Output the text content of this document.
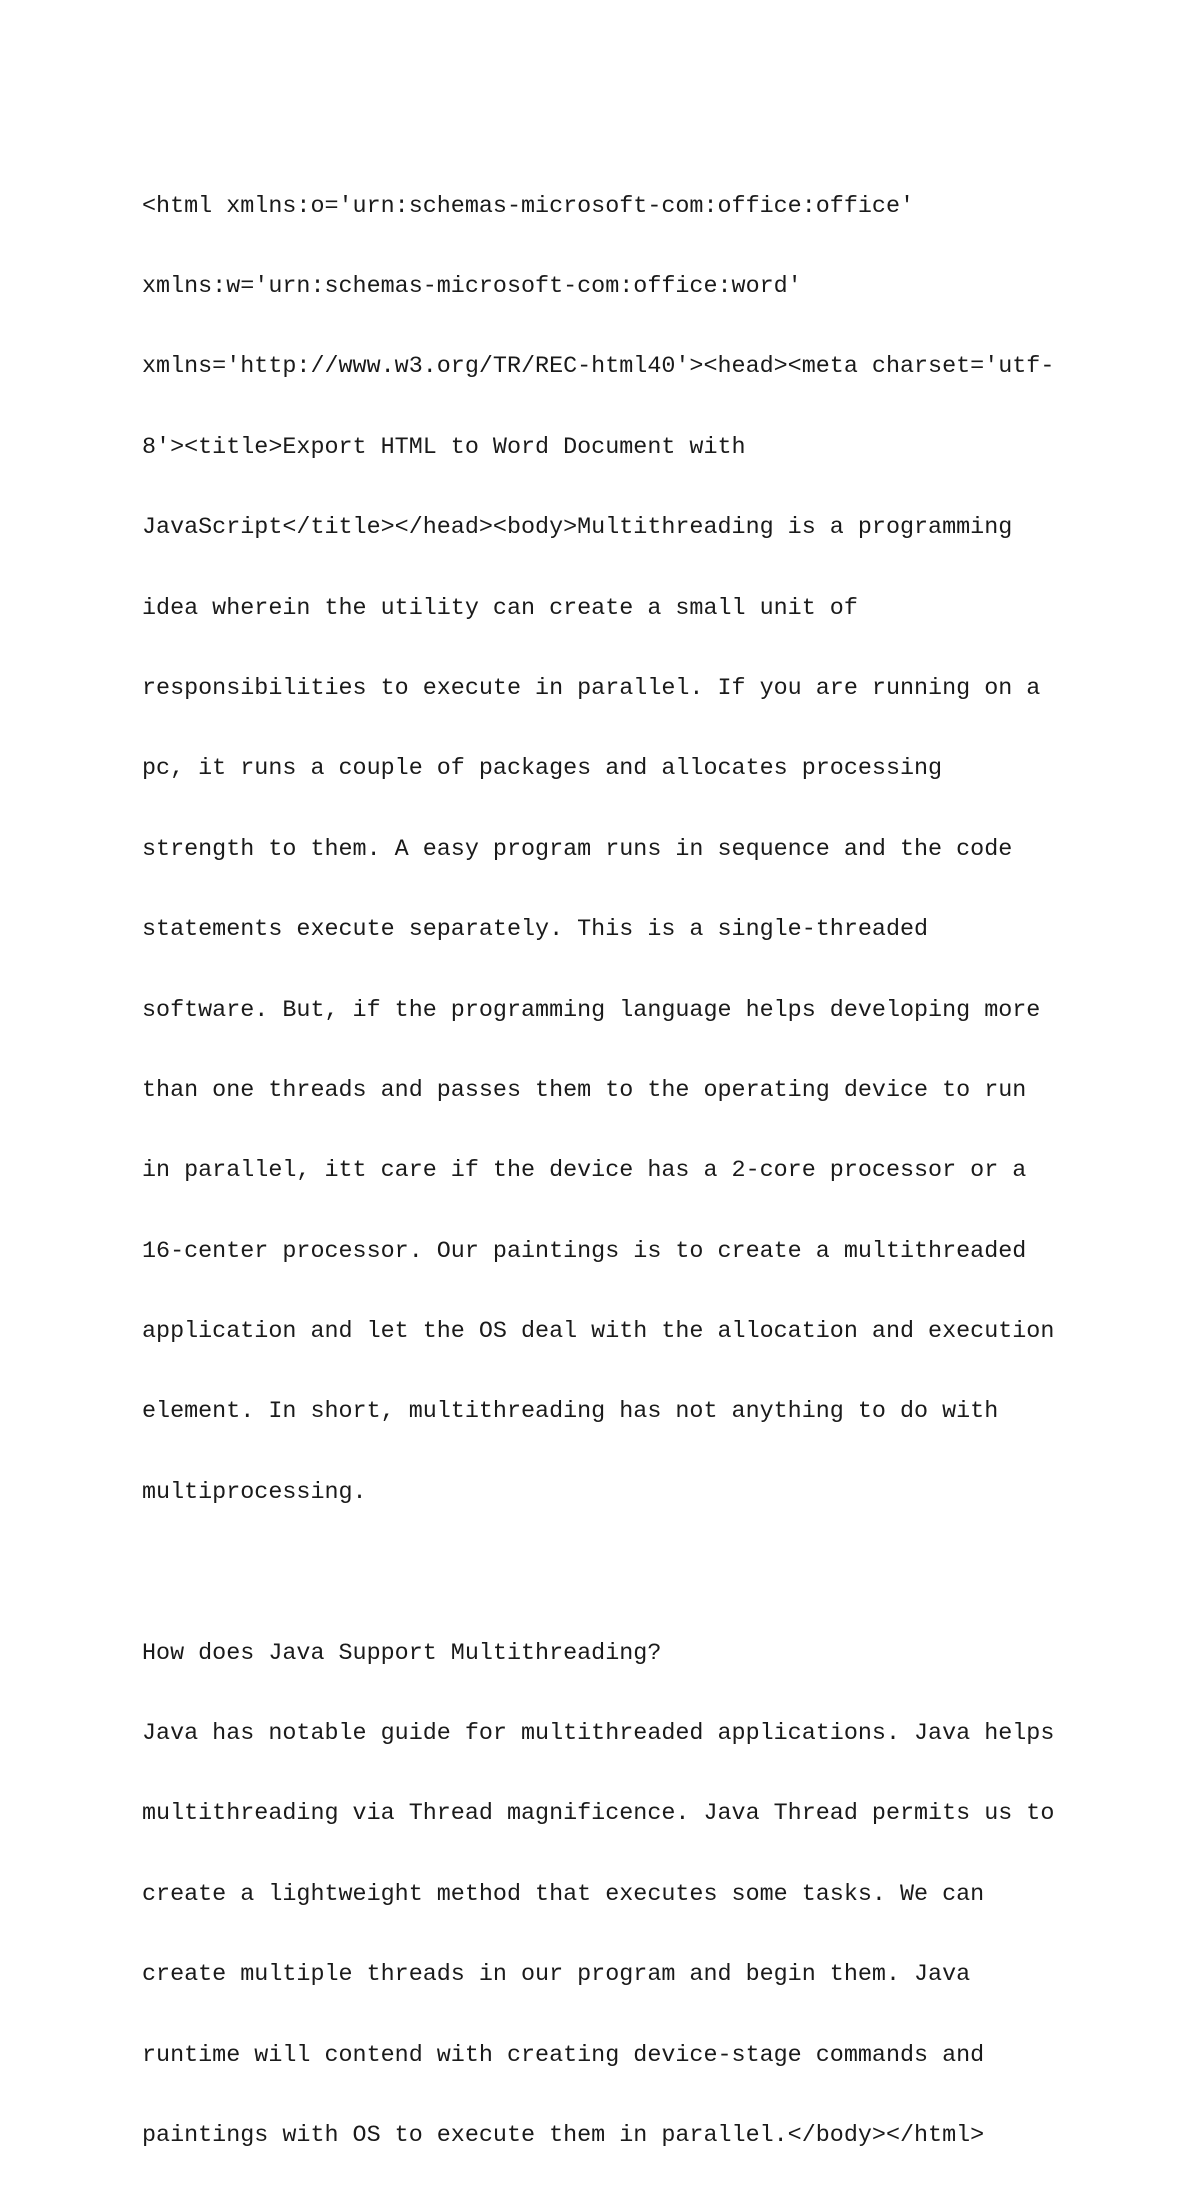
<html xmlns:o='urn:schemas-microsoft-com:office:office'

xmlns:w='urn:schemas-microsoft-com:office:word'

xmlns='http://www.w3.org/TR/REC-html40'><head><meta charset='utf-

8'><title>Export HTML to Word Document with

JavaScript</title></head><body>Multithreading is a programming

idea wherein the utility can create a small unit of

responsibilities to execute in parallel. If you are running on a

pc, it runs a couple of packages and allocates processing

strength to them. A easy program runs in sequence and the code

statements execute separately. This is a single-threaded

software. But, if the programming language helps developing more

than one threads and passes them to the operating device to run

in parallel, itt care if the device has a 2-core processor or a

16-center processor. Our paintings is to create a multithreaded

application and let the OS deal with the allocation and execution

element. In short, multithreading has not anything to do with

multiprocessing.

How does Java Support Multithreading?

Java has notable guide for multithreaded applications. Java helps

multithreading via Thread magnificence. Java Thread permits us to

create a lightweight method that executes some tasks. We can

create multiple threads in our program and begin them. Java

runtime will contend with creating device-stage commands and

paintings with OS to execute them in parallel.</body></html>
